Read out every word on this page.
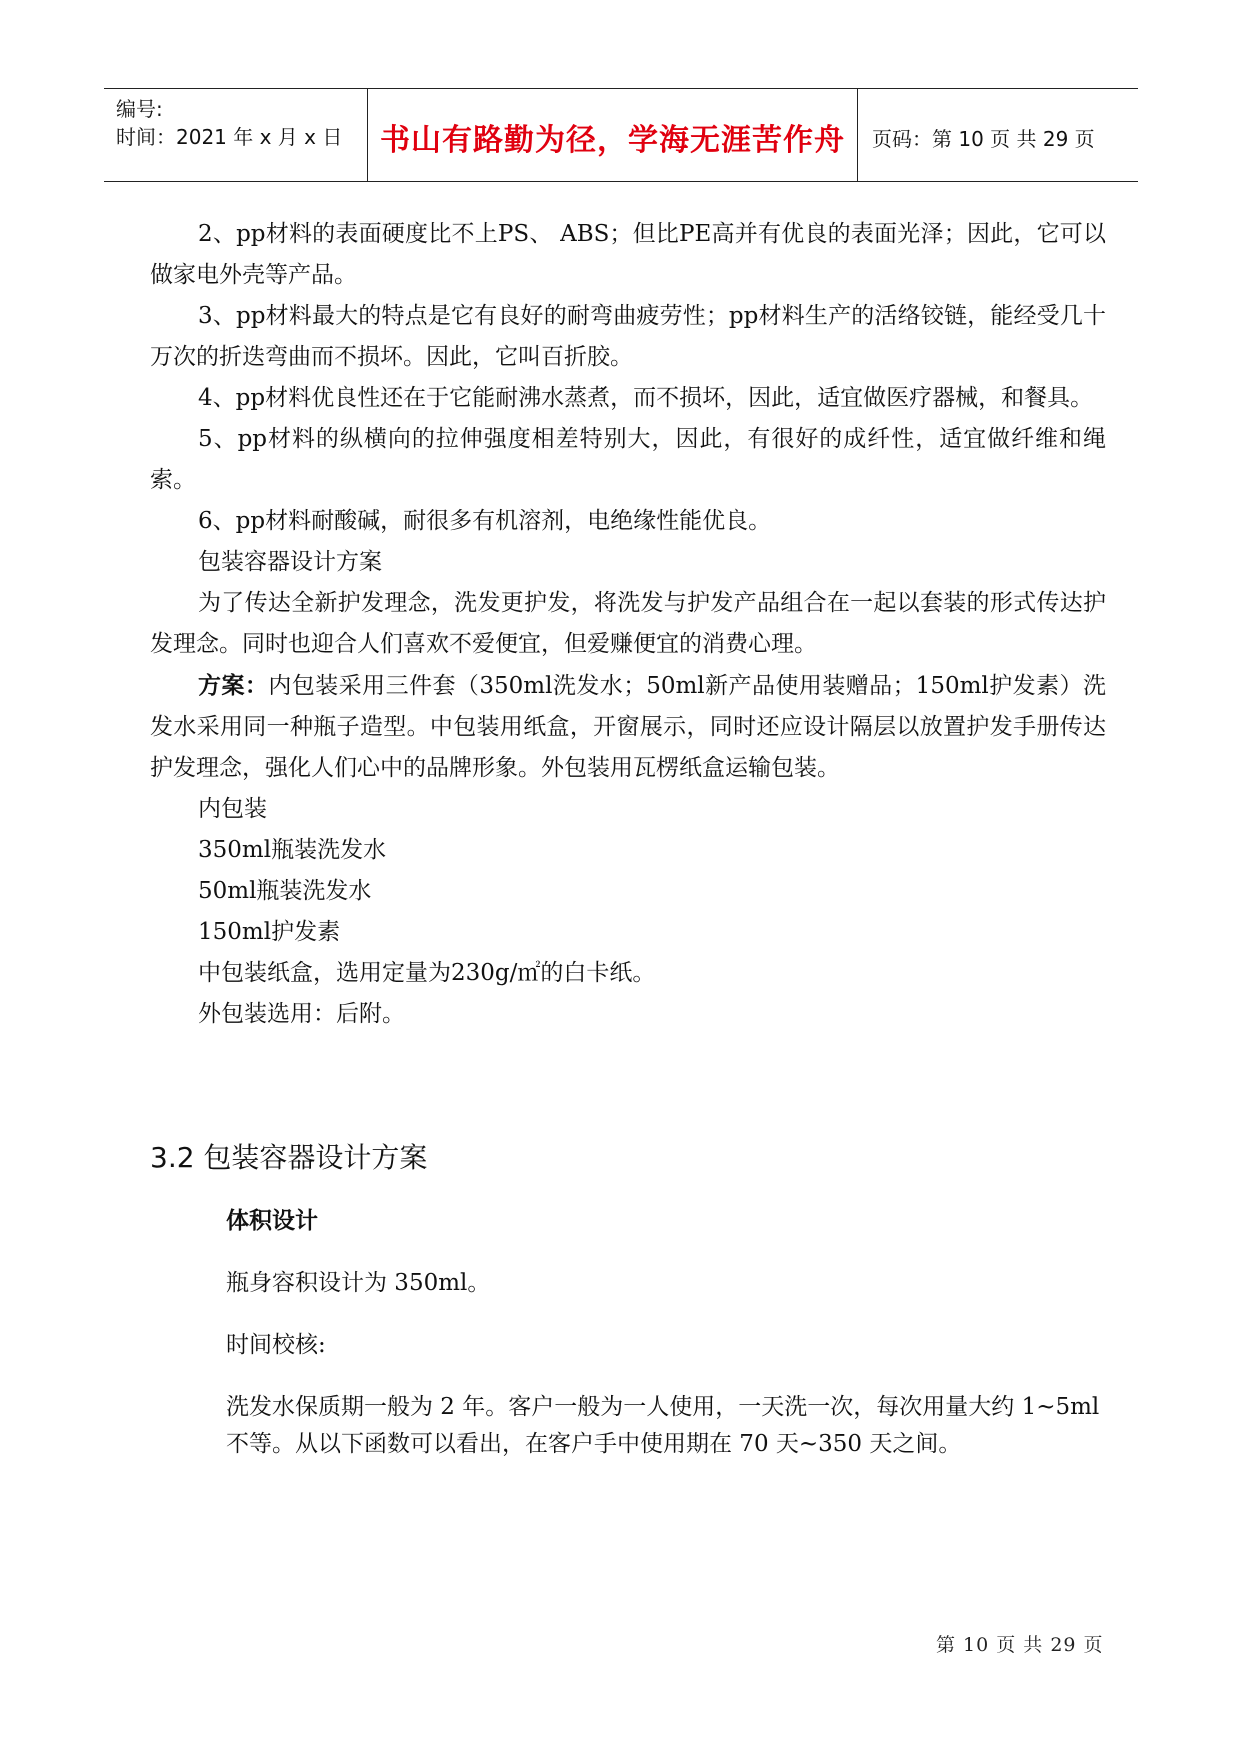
编号:
时间：2021 年 x 月 x 日	书山有路勤为径，学海无涯苦作舟	页码：第 10 页 共 29 页

2、pp材料的表面硬度比不上PS、 ABS；但比PE高并有优良的表面光泽；因此，它可以做家电外壳等产品。

3、pp材料最大的特点是它有良好的耐弯曲疲劳性；pp材料生产的活络铰链，能经受几十万次的折迭弯曲而不损坏。因此，它叫百折胶。

4、pp材料优良性还在于它能耐沸水蒸煮，而不损坏，因此，适宜做医疗器械，和餐具。

5、pp材料的纵横向的拉伸强度相差特别大，因此，有很好的成纤性，适宜做纤维和绳索。

6、pp材料耐酸碱，耐很多有机溶剂，电绝缘性能优良。

包装容器设计方案

为了传达全新护发理念，洗发更护发，将洗发与护发产品组合在一起以套装的形式传达护发理念。同时也迎合人们喜欢不爱便宜，但爱赚便宜的消费心理。

方案：内包装采用三件套（350ml洗发水；50ml新产品使用装赠品；150ml护发素）洗发水采用同一种瓶子造型。中包装用纸盒，开窗展示，同时还应设计隔层以放置护发手册传达护发理念，强化人们心中的品牌形象。外包装用瓦楞纸盒运输包装。

内包装

350ml瓶装洗发水

50ml瓶装洗发水

150ml护发素

中包装纸盒，选用定量为230g/㎡的白卡纸。

外包装选用：后附。

3.2 包装容器设计方案
体积设计
瓶身容积设计为 350ml。
时间校核:
洗发水保质期一般为 2 年。客户一般为一人使用，一天洗一次，每次用量大约 1~5ml 不等。从以下函数可以看出，在客户手中使用期在 70 天~350 天之间。
第 10 页 共 29 页
